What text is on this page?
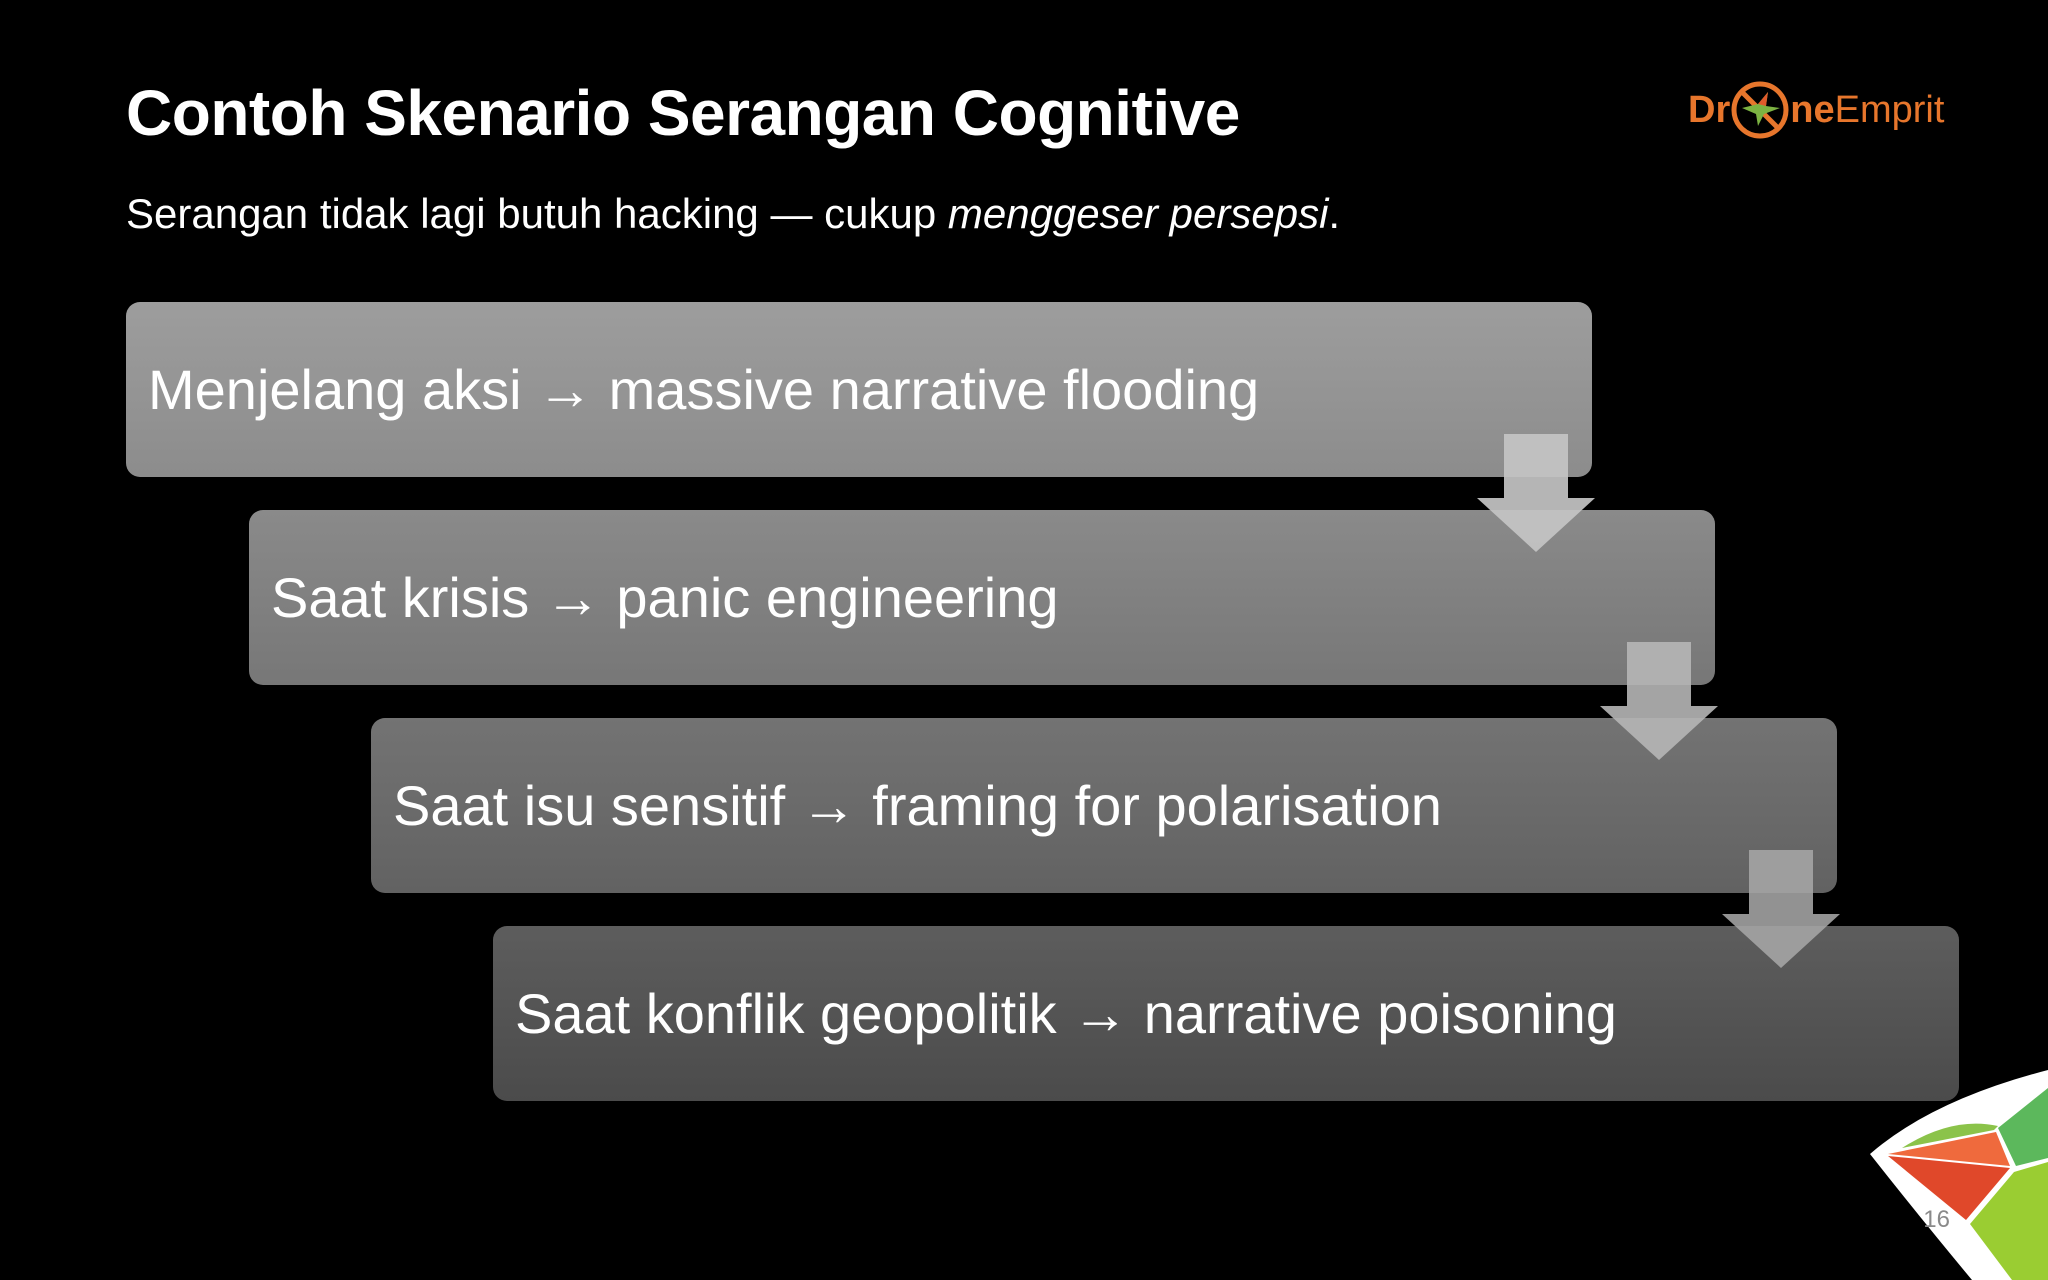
Contoh Skenario Serangan Cognitive

Serangan tidak lagi butuh hacking — cukup menggeser persepsi.

Dr ne Emprit
Menjelang aksi → massive narrative flooding
Saat krisis → panic engineering
Saat isu sensitif → framing for polarisation
Saat konflik geopolitik → narrative poisoning
16
